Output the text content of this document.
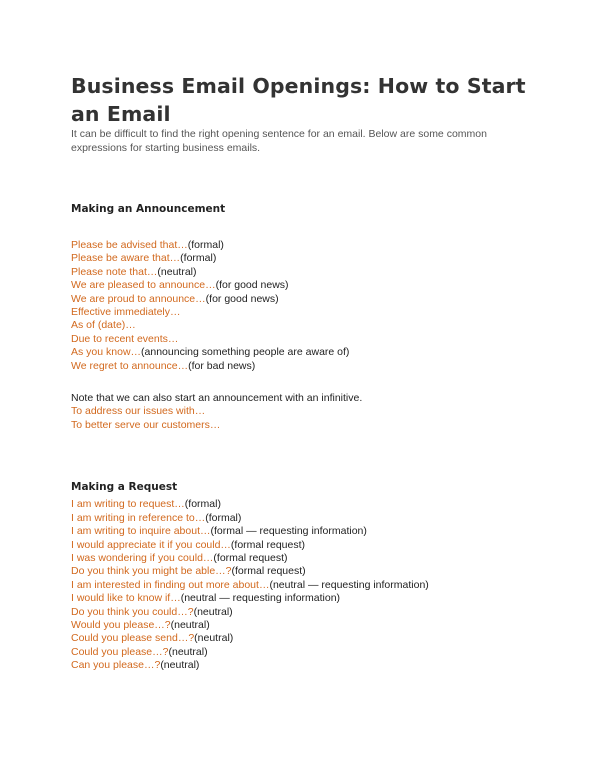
Business Email Openings: How to Start an Email

It can be difficult to find the right opening sentence for an email. Below are some common expressions for starting business emails.

Making an Announcement

Please be advised that…(formal)

Please be aware that…(formal)

Please note that…(neutral)

We are pleased to announce…(for good news)

We are proud to announce…(for good news)

Effective immediately…

As of (date)…

Due to recent events…

As you know…(announcing something people are aware of)

We regret to announce…(for bad news)

Note that we can also start an announcement with an infinitive.

To address our issues with…

To better serve our customers…

Making a Request

I am writing to request…(formal)

I am writing in reference to…(formal)

I am writing to inquire about…(formal — requesting information)

I would appreciate it if you could…(formal request)

I was wondering if you could…(formal request)

Do you think you might be able…?(formal request)

I am interested in finding out more about…(neutral — requesting information)

I would like to know if…(neutral — requesting information)

Do you think you could…?(neutral)

Would you please…?(neutral)

Could you please send…?(neutral)

Could you please…?(neutral)

Can you please…?(neutral)
